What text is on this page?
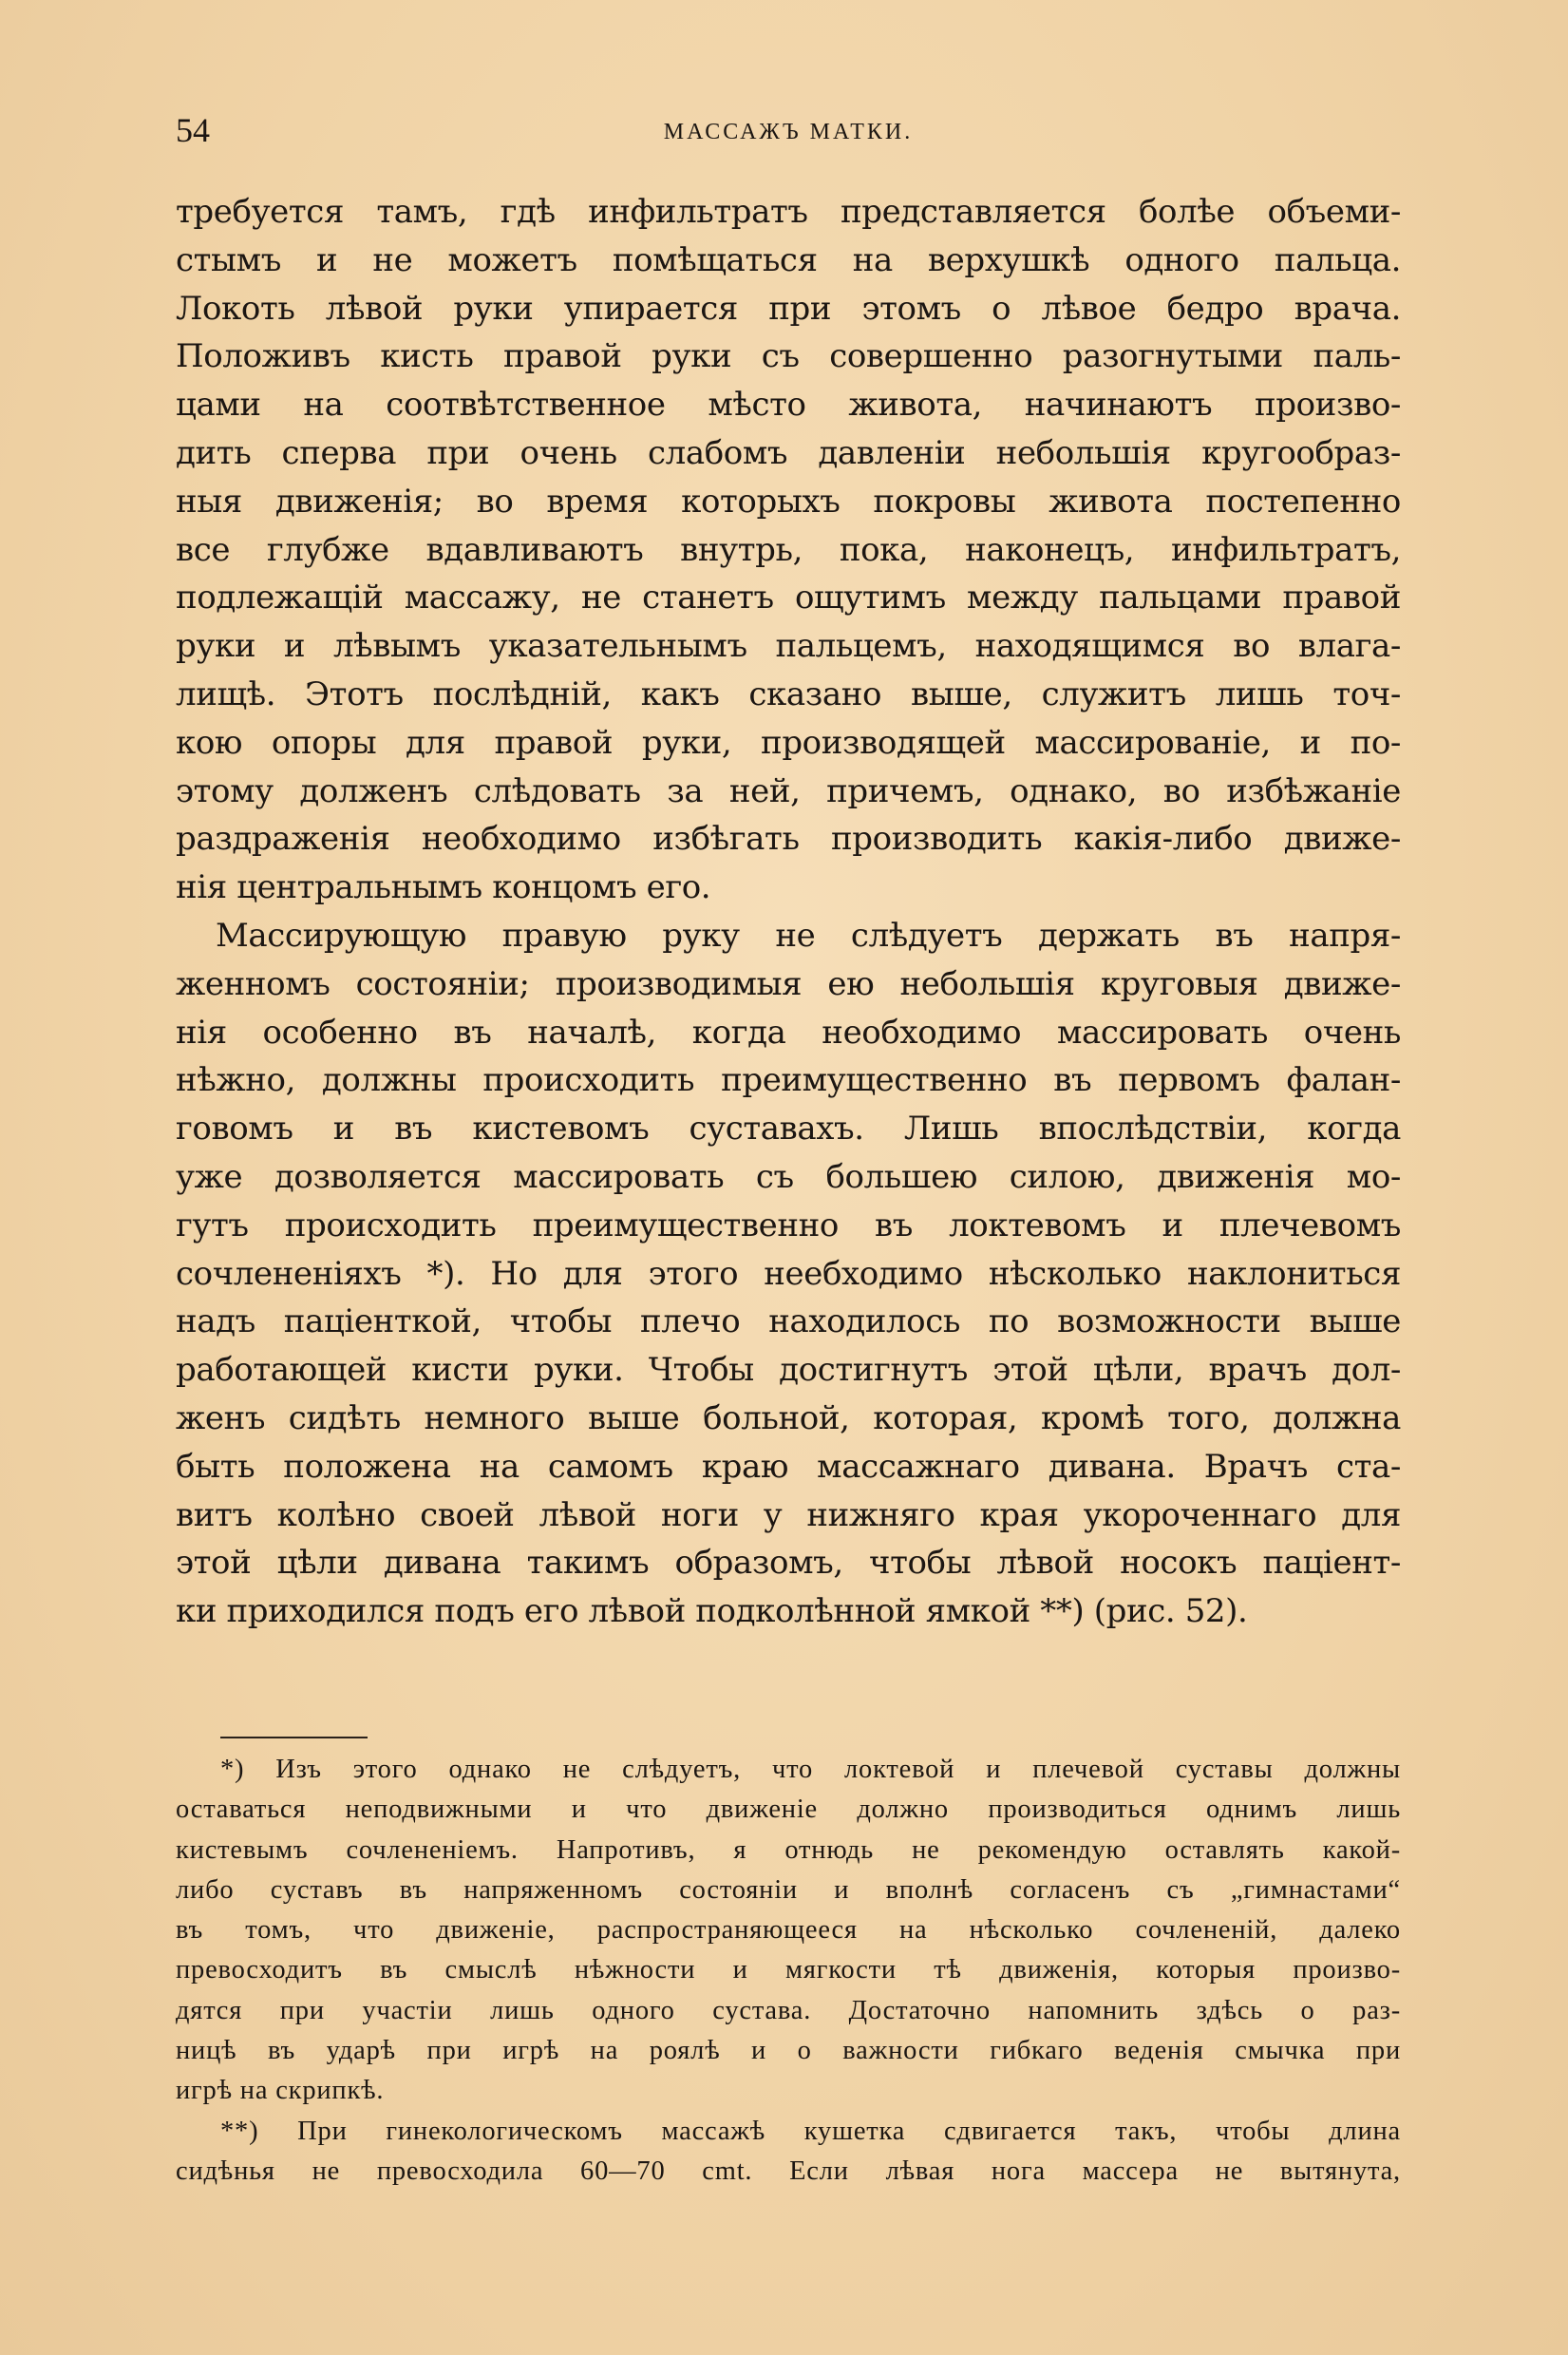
54	МАССАЖЪ МАТКИ.
требуется тамъ, гдѣ инфильтратъ представляется болѣе объеми-
стымъ и не можетъ помѣщаться на верхушкѣ одного пальца.
Локоть лѣвой руки упирается при этомъ о лѣвое бедро врача.
Положивъ кисть правой руки съ совершенно разогнутыми паль-
цами на соотвѣтственное мѣсто живота, начинаютъ произво-
дить сперва при очень слабомъ давленіи небольшія кругообраз-
ныя движенія; во время которыхъ покровы живота постепенно
все глубже вдавливаютъ внутрь, пока, наконецъ, инфильтратъ,
подлежащій массажу, не станетъ ощутимъ между пальцами правой
руки и лѣвымъ указательнымъ пальцемъ, находящимся во влага-
лищѣ. Этотъ послѣдній, какъ сказано выше, служитъ лишь точ-
кою опоры для правой руки, производящей массированіе, и по-
этому долженъ слѣдовать за ней, причемъ, однако, во избѣжаніе
раздраженія необходимо избѣгать производить какія-либо движе-
нія центральнымъ концомъ его.
Массирующую правую руку не слѣдуетъ держать въ напря-
женномъ состояніи; производимыя ею небольшія круговыя движе-
нія особенно въ началѣ, когда необходимо массировать очень
нѣжно, должны происходить преимущественно въ первомъ фалан-
говомъ и въ кистевомъ суставахъ. Лишь впослѣдствіи, когда
уже дозволяется массировать съ большею силою, движенія мо-
гутъ происходить преимущественно въ локтевомъ и плечевомъ
сочлененіяхъ *). Но для этого неебходимо нѣсколько наклониться
надъ паціенткой, чтобы плечо находилось по возможности выше
работающей кисти руки. Чтобы достигнутъ этой цѣли, врачъ дол-
женъ сидѣть немного выше больной, которая, кромѣ того, должна
быть положена на самомъ краю массажнаго дивана. Врачъ ста-
витъ колѣно своей лѣвой ноги у нижняго края укороченнаго для
этой цѣли дивана такимъ образомъ, чтобы лѣвой носокъ паціент-
ки приходился подъ его лѣвой подколѣнной ямкой **) (рис. 52).
*) Изъ этого однако не слѣдуетъ, что локтевой и плечевой суставы должны
оставаться неподвижными и что движеніе должно производиться однимъ лишь
кистевымъ сочлененіемъ. Напротивъ, я отнюдь не рекомендую оставлять какой-
либо суставъ въ напряженномъ состояніи и вполнѣ согласенъ съ „гимнастами“
въ томъ, что движеніе, распространяющееся на нѣсколько сочлененій, далеко
превосходитъ въ смыслѣ нѣжности и мягкости тѣ движенія, которыя произво-
дятся при участіи лишь одного сустава. Достаточно напомнить здѣсь о раз-
ницѣ въ ударѣ при игрѣ на роялѣ и о важности гибкаго веденія смычка при
игрѣ на скрипкѣ.
**) При гинекологическомъ массажѣ кушетка сдвигается такъ, чтобы длина
сидѣнья не превосходила 60—70 cmt. Если лѣвая нога массера не вытянута,
